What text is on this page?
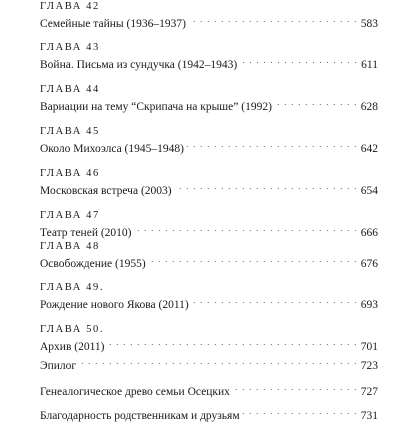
ГЛАВА 42
Семейные тайны (1936–1937) . . .	583
ГЛАВА 43
Война. Письма из сундучка (1942–1943) . . .	611
ГЛАВА 44
Вариации на тему “Скрипача на крыше” (1992) . . .	628
ГЛАВА 45
Около Михоэлса (1945–1948) . . .	642
ГЛАВА 46
Московская встреча (2003) . . .	654
ГЛАВА 47
Театр теней (2010) . . .	666
ГЛАВА 48
Освобождение (1955) . . .	676
ГЛАВА 49.
Рождение нового Якова (2011) . . .	693
ГЛАВА 50.
Архив (2011) . . .	701
Эпилог . . .	723
Генеалогическое древо семьи Осецких . . .	727
Благодарность родственникам и друзьям . . .	731
